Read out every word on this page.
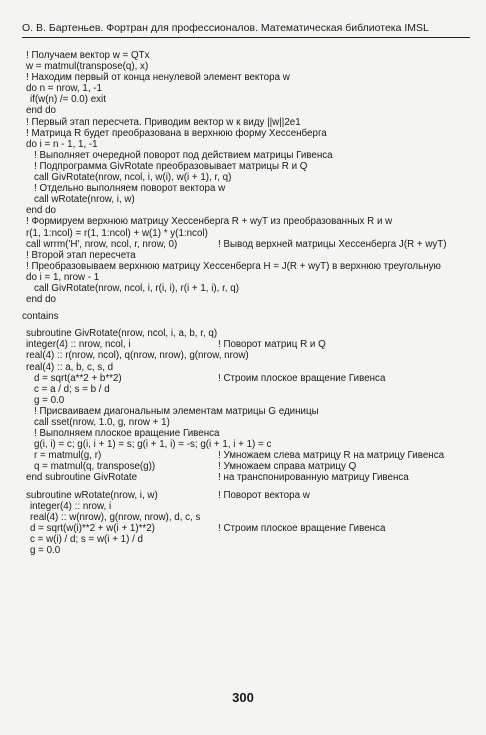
О. В. Бартеньев. Фортран для профессионалов. Математическая библиотека IMSL
! Получаем вектор w = QTx
w = matmul(transpose(q), x)
! Находим первый от конца ненулевой элемент вектора w
do n = nrow, 1, -1
if(w(n) /= 0.0) exit
end do
! Первый этап пересчета. Приводим вектор w к виду ||w||2e1
! Матрица R будет преобразована в верхнюю форму Хессенберга
do i = n - 1, 1, -1
! Выполняет очередной поворот под действием матрицы Гивенса
! Подпрограмма GivRotate преобразовывает матрицы R и Q
call GivRotate(nrow, ncol, i, w(i), w(i + 1), r, q)
! Отдельно выполняем поворот вектора w
call wRotate(nrow, i, w)
end do
! Формируем верхнюю матрицу Хессенберга R + wyT из преобразованных R и w
r(1, 1:ncol) = r(1, 1:ncol) + w(1) * y(1:ncol)
call wrrm('H', nrow, ncol, r, nrow, 0)	! Вывод верхней матрицы Хессенберга J(R + wyT)
! Второй этап пересчета
! Преобразовываем верхнюю матрицу Хессенберга H = J(R + wyT) в верхнюю треугольную
do i = 1, nrow - 1
call GivRotate(nrow, ncol, i, r(i, i), r(i + 1, i), r, q)
end do
contains
subroutine GivRotate(nrow, ncol, i, a, b, r, q)
integer(4) :: nrow, ncol, i	! Поворот матриц R и Q
real(4) :: r(nrow, ncol), q(nrow, nrow), g(nrow, nrow)
real(4) :: a, b, c, s, d
d = sqrt(a**2 + b**2)	! Строим плоское вращение Гивенса
c = a / d; s = b / d
g = 0.0
! Присваиваем диагональным элементам матрицы G единицы
call sset(nrow, 1.0, g, nrow + 1)
! Выполняем плоское вращение Гивенса
g(i, i) = c; g(i, i + 1) = s; g(i + 1, i) = -s; g(i + 1, i + 1) = c
r = matmul(g, r)	! Умножаем слева матрицу R на матрицу Гивенса
q = matmul(q, transpose(g))	! Умножаем справа матрицу Q
end subroutine GivRotate	! на транспонированную матрицу Гивенса
subroutine wRotate(nrow, i, w)	! Поворот вектора w
integer(4) :: nrow, i
real(4) :: w(nrow), g(nrow, nrow), d, c, s
d = sqrt(w(i)**2 + w(i + 1)**2)	! Строим плоское вращение Гивенса
c = w(i) / d; s = w(i + 1) / d
g = 0.0
300
